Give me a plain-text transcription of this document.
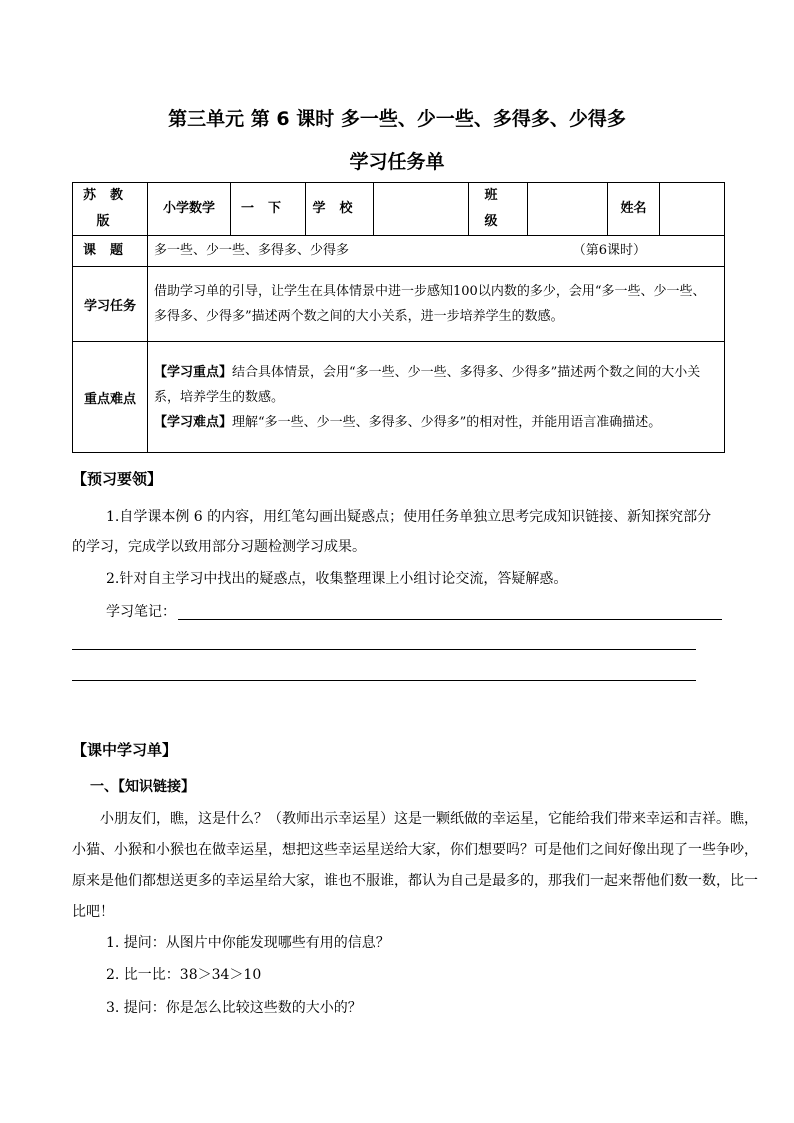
第三单元 第 6 课时 多一些、少一些、多得多、少得多
学习任务单
苏教版	小学数学	一下	学校		班级		姓名	
课题	多一些、少一些、多得多、少得多 （第6课时）							

学习任务	借助学习单的引导，让学生在具体情景中进一步感知100以内数的多少，会用“多一些、少一些、多得多、少得多”描述两个数之间的大小关系，进一步培养学生的数感。							
重点难点	【学习重点】结合具体情景，会用“多一些、少一些、多得多、少得多”描述两个数之间的大小关系，培养学生的数感。
【学习难点】理解“多一些、少一些、多得多、少得多”的相对性，并能用语言准确描述。							
【预习要领】
1.自学课本例 6 的内容，用红笔勾画出疑惑点；使用任务单独立思考完成知识链接、新知探究部分的学习，完成学以致用部分习题检测学习成果。
2.针对自主学习中找出的疑惑点，收集整理课上小组讨论交流，答疑解惑。
学习笔记：
【课中学习单】
一、【知识链接】
小朋友们，瞧，这是什么？（教师出示幸运星）这是一颗纸做的幸运星，它能给我们带来幸运和吉祥。瞧，小猫、小猴和小猴也在做幸运星，想把这些幸运星送给大家，你们想要吗？可是他们之间好像出现了一些争吵，原来是他们都想送更多的幸运星给大家，谁也不服谁，都认为自己是最多的，那我们一起来帮他们数一数，比一比吧！
1. 提问：从图片中你能发现哪些有用的信息？
2. 比一比：38＞34＞10
3. 提问：你是怎么比较这些数的大小的？
